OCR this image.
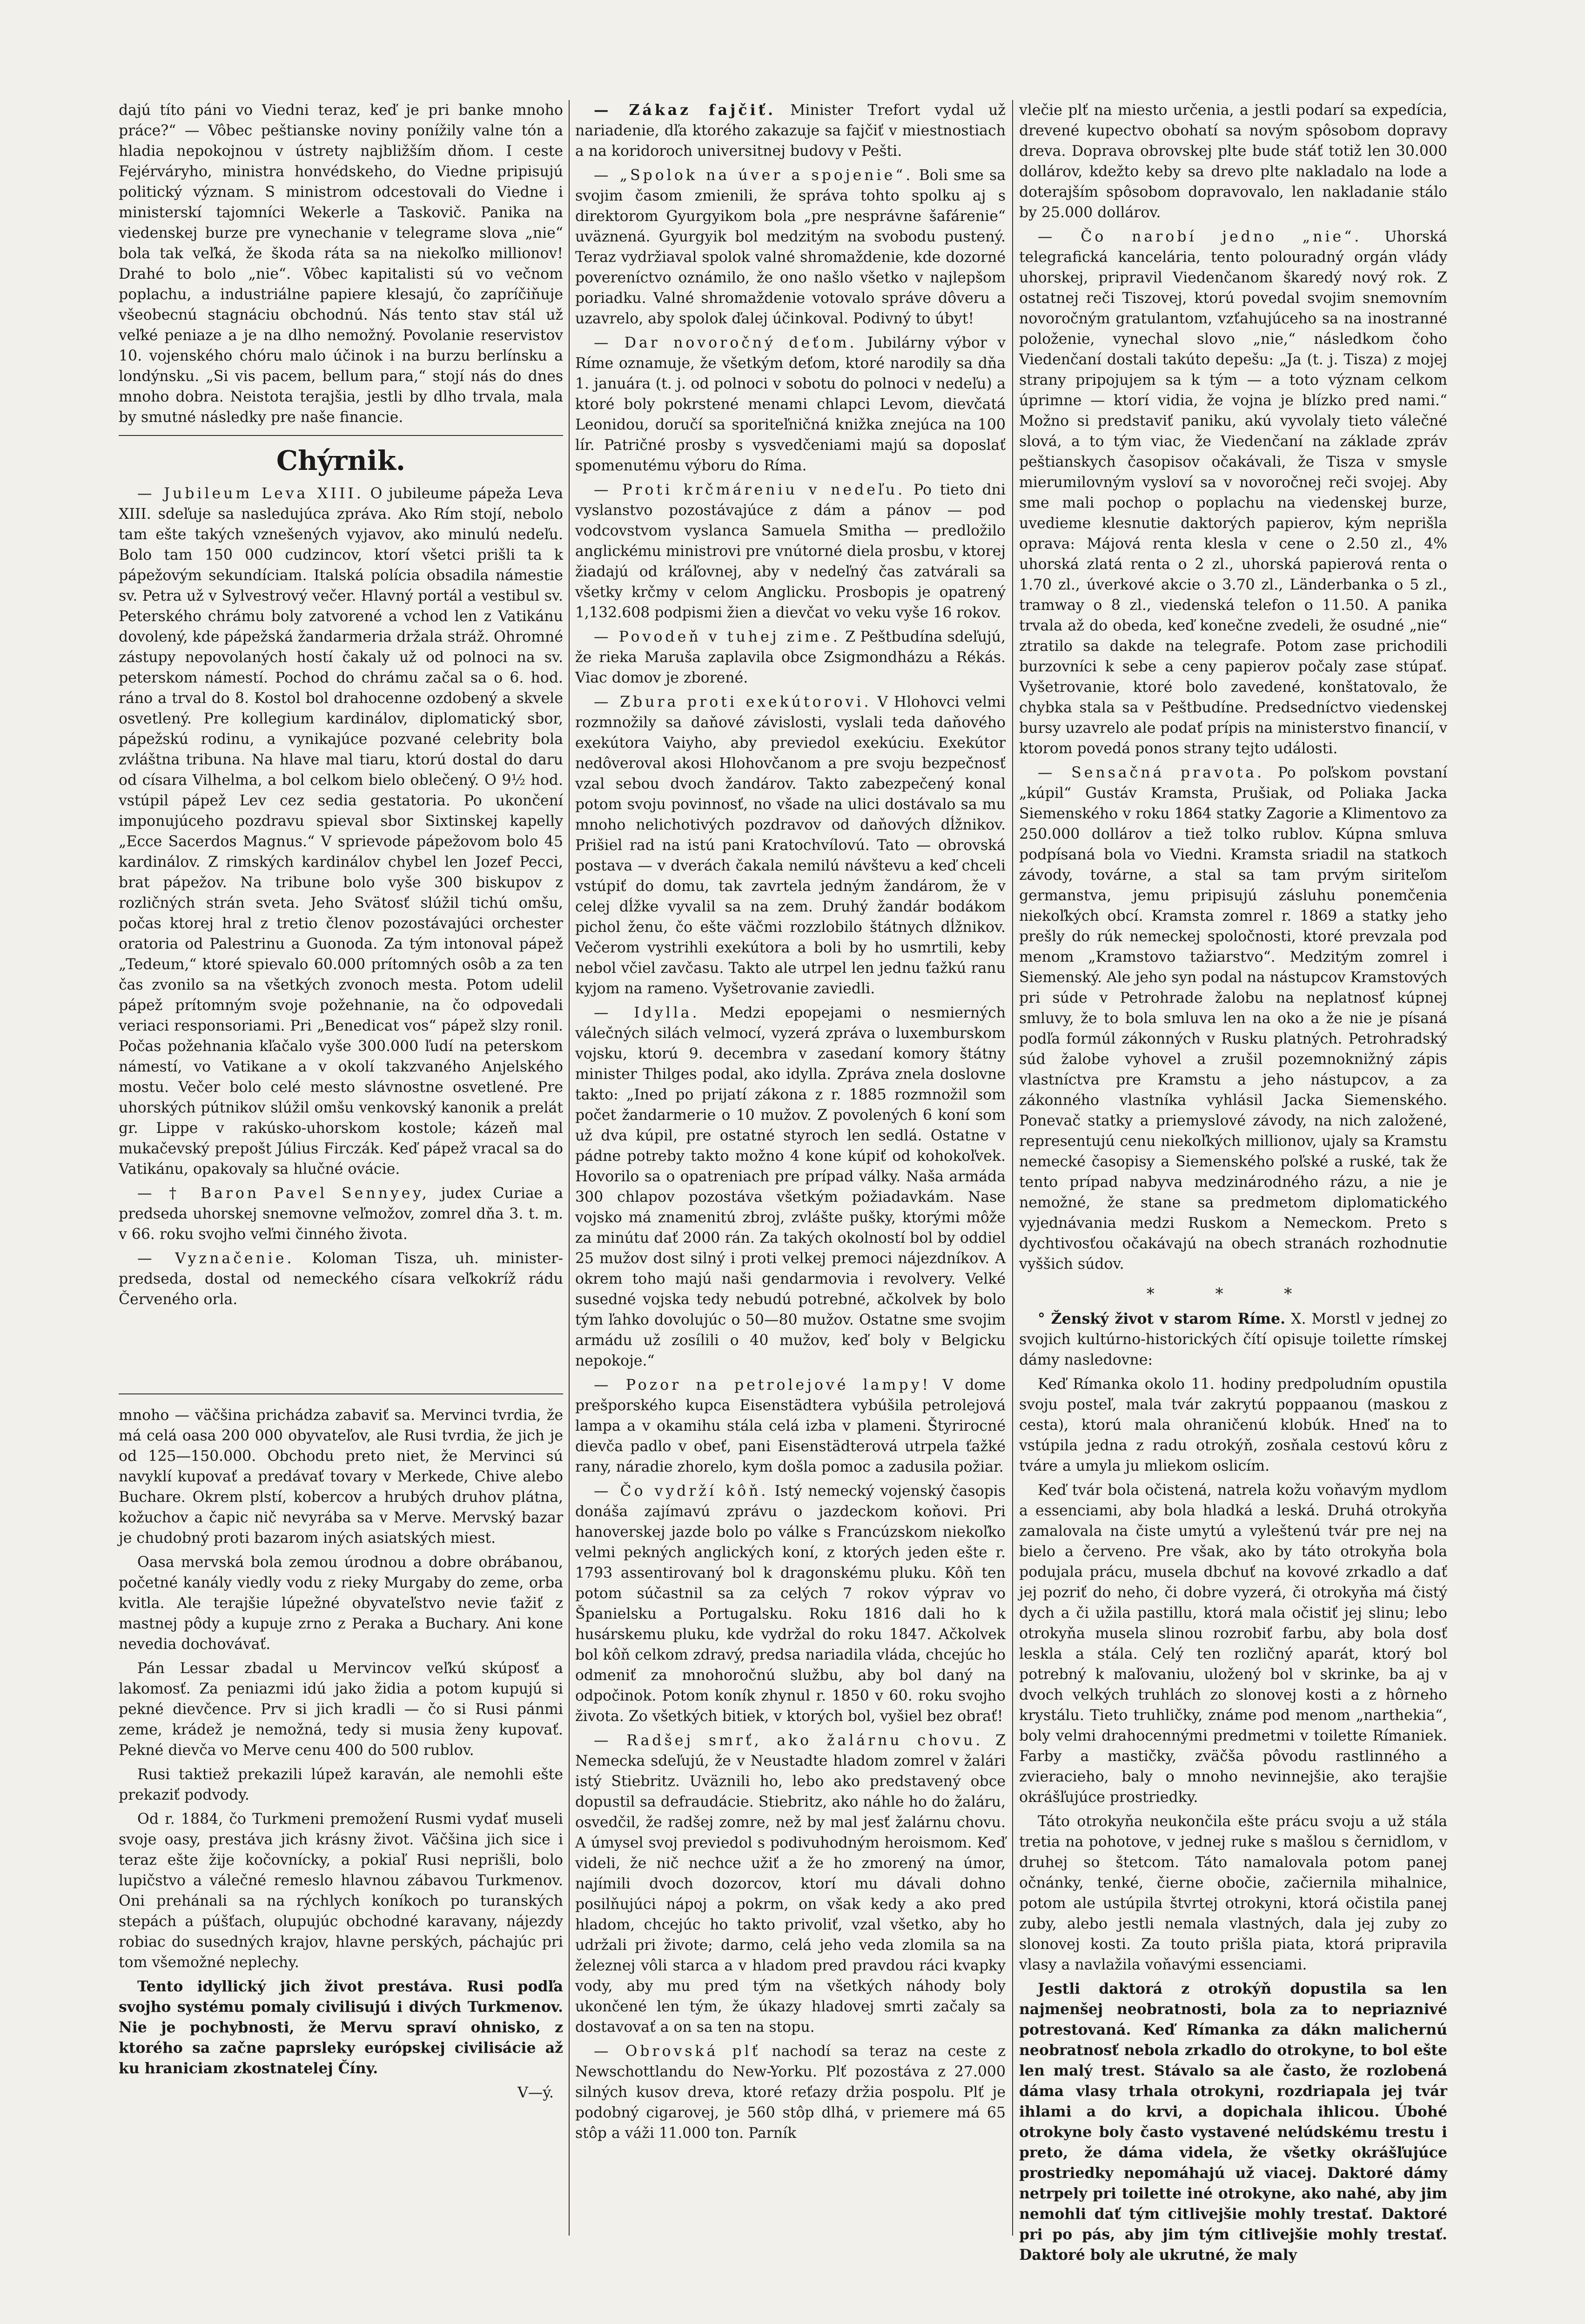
dajú títo páni vo Viedni teraz, keď je pri banke mnoho práce?“ — Vôbec peštianske noviny ponížily valne tón a hladia nepokojnou v ústrety najbližším dňom. I ceste Fejérváryho, ministra honvédskeho, do Viedne pripisujú politický význam. S ministrom odcestovali do Viedne i ministerskí tajomníci Wekerle a Taskovič. Panika na viedenskej burze pre vynechanie v telegrame slova „nie“ bola tak veľká, že škoda ráta sa na niekoľko millionov! Drahé to bolo „nie“. Vôbec kapitalisti sú vo večnom poplachu, a industriálne papiere klesajú, čo zapríčiňuje všeobecnú stagnáciu obchodnú. Nás tento stav stál už veľké peniaze a je na dlho nemožný. Povolanie reservistov 10. vojenského chóru malo účinok i na burzu berlínsku a londýnsku. „Si vis pacem, bellum para,“ stojí nás do dnes mnoho dobra. Neistota terajšia, jestli by dlho trvala, mala by smutné následky pre naše financie.

Chýrnik.

— Jubileum Leva XIII. O jubileume pápeža Leva XIII. sdeľuje sa nasledujúca zpráva. Ako Rím stojí, nebolo tam ešte takých vznešených vyjavov, ako minulú nedeľu. Bolo tam 150 000 cudzincov, ktorí všetci prišli ta k pápežovým sekundíciam. Italská polícia obsadila námestie sv. Petra už v Sylvestrový večer. Hlavný portál a vestibul sv. Peterského chrámu boly zatvorené a vchod len z Vatikánu dovolený, kde pápežská žandarmeria držala stráž. Ohromné zástupy nepovolaných hostí čakaly už od polnoci na sv. peterskom námestí. Pochod do chrámu začal sa o 6. hod. ráno a trval do 8. Kostol bol drahocenne ozdobený a skvele osvetlený. Pre kollegium kardinálov, diplomatický sbor, pápežskú rodinu, a vynikajúce pozvané celebrity bola zvláštna tribuna. Na hlave mal tiaru, ktorú dostal do daru od císara Vilhelma, a bol celkom bielo oblečený. O 9½ hod. vstúpil pápež Lev cez sedia gestatoria. Po ukončení imponujúceho pozdravu spieval sbor Sixtinskej kapelly „Ecce Sacerdos Magnus.“ V sprievode pápežovom bolo 45 kardinálov. Z rimských kardinálov chybel len Jozef Pecci, brat pápežov. Na tribune bolo vyše 300 biskupov z rozličných strán sveta. Jeho Svätosť slúžil tichú omšu, počas ktorej hral z tretio členov pozostávajúci orchester oratoria od Palestrinu a Guonoda. Za tým intonoval pápež „Tedeum,“ ktoré spievalo 60.000 prítomných osôb a za ten čas zvonilo sa na všetkých zvonoch mesta. Potom udelil pápež prítomným svoje požehnanie, na čo odpovedali veriaci responsoriami. Pri „Benedicat vos“ pápež slzy ronil. Počas požehnania kľačalo vyše 300.000 ľudí na peterskom námestí, vo Vatikane a v okolí takzvaného Anjelského mostu. Večer bolo celé mesto slávnostne osvetlené. Pre uhorských pútnikov slúžil omšu venkovský kanonik a prelát gr. Lippe v rakúsko-uhorskom kostole; kázeň mal mukačevský prepošt Július Firczák. Keď pápež vracal sa do Vatikánu, opakovaly sa hlučné ovácie.

— † Baron Pavel Sennyey, judex Curiae a predseda uhorskej snemovne veľmožov, zomrel dňa 3. t. m. v 66. roku svojho veľmi činného života.

— Vyznačenie. Koloman Tisza, uh. minister-predseda, dostal od nemeckého císara veľkokríž rádu Červeného orla.

mnoho — väčšina prichádza zabaviť sa. Mervinci tvrdia, že má celá oasa 200 000 obyvateľov, ale Rusi tvrdia, že jich je od 125—150.000. Obchodu preto niet, že Mervinci sú navyklí kupovať a predávať tovary v Merkede, Chive alebo Buchare. Okrem plstí, kobercov a hrubých druhov plátna, kožuchov a čapic nič nevyrába sa v Merve. Mervský bazar je chudobný proti bazarom iných asiatských miest.

Oasa mervská bola zemou úrodnou a dobre obrábanou, početné kanály viedly vodu z rieky Murgaby do zeme, orba kvitla. Ale terajšie lúpežné obyvateľstvo nevie ťažiť z mastnej pôdy a kupuje zrno z Peraka a Buchary. Ani kone nevedia dochovávať.

Pán Lessar zbadal u Mervincov veľkú skúposť a lakomosť. Za peniazmi idú jako židia a potom kupujú si pekné dievčence. Prv si jich kradli — čo si Rusi pánmi zeme, krádež je nemožná, tedy si musia ženy kupovať. Pekné dievča vo Merve cenu 400 do 500 rublov.

Rusi taktiež prekazili lúpež karaván, ale nemohli ešte prekaziť podvody.

Od r. 1884, čo Turkmeni premožení Rusmi vydať museli svoje oasy, prestáva jich krásny život. Väčšina jich sice i teraz ešte žije kočovnícky, a pokiaľ Rusi neprišli, bolo lupičstvo a válečné remeslo hlavnou zábavou Turkmenov. Oni prehánali sa na rýchlych koníkoch po turanských stepách a púšťach, olupujúc obchodné karavany, nájezdy robiac do susedných krajov, hlavne perských, páchajúc pri tom všemožné neplechy.

Tento idyllický jich život prestáva. Rusi podľa svojho systému pomaly civilisujú i divých Turkmenov. Nie je pochybnosti, že Mervu spraví ohnisko, z ktorého sa začne paprsleky európskej civilisácie až ku hraniciam zkostnatelej Číny.

V—ý.

— Zákaz fajčiť. Minister Trefort vydal už nariadenie, dľa ktorého zakazuje sa fajčiť v miestnostiach a na koridoroch universitnej budovy v Pešti.

— „Spolok na úver a spojenie“. Boli sme sa svojim časom zmienili, že správa tohto spolku aj s direktorom Gyurgyikom bola „pre nesprávne šafárenie“ uväznená. Gyurgyik bol medzitým na svobodu pustený. Teraz vydržiaval spolok valné shromaždenie, kde dozorné povereníctvo oznámilo, že ono našlo všetko v najlepšom poriadku. Valné shromaždenie votovalo správe dôveru a uzavrelo, aby spolok ďalej účinkoval. Podivný to úbyt!

— Dar novoročný deťom. Jubilárny výbor v Ríme oznamuje, že všetkým deťom, ktoré narodily sa dňa 1. januára (t. j. od polnoci v sobotu do polnoci v nedeľu) a ktoré boly pokrstené menami chlapci Levom, dievčatá Leonidou, doručí sa sporiteľničná knižka znejúca na 100 lír. Patričné prosby s vysvedčeniami majú sa doposlať spomenutému výboru do Ríma.

— Proti krčmáreniu v nedeľu. Po tieto dni vyslanstvo pozostávajúce z dám a pánov — pod vodcovstvom vyslanca Samuela Smitha — predložilo anglickému ministrovi pre vnútorné diela prosbu, v ktorej žiadajú od kráľovnej, aby v nedeľný čas zatvárali sa všetky krčmy v celom Anglicku. Prosbopis je opatrený 1,132.608 podpismi žien a dievčat vo veku vyše 16 rokov.

— Povodeň v tuhej zime. Z Peštbudína sdeľujú, že rieka Maruša zaplavila obce Zsigmondházu a Rékás. Viac domov je zborené.

— Zbura proti exekútorovi. V Hlohovci velmi rozmnožily sa daňové závislosti, vyslali teda daňového exekútora Vaiyho, aby previedol exekúciu. Exekútor nedôveroval akosi Hlohovčanom a pre svoju bezpečnosť vzal sebou dvoch žandárov. Takto zabezpečený konal potom svoju povinnosť, no všade na ulici dostávalo sa mu mnoho nelichotivých pozdravov od daňových dĺžnikov. Prišiel rad na istú pani Kratochvílovú. Tato — obrovská postava — v dverách čakala nemilú návštevu a keď chceli vstúpiť do domu, tak zavrtela jedným žandárom, že v celej dĺžke vyvalil sa na zem. Druhý žandár bodákom pichol ženu, čo ešte väčmi rozzlobilo štátnych dĺžnikov. Večerom vystrihli exekútora a boli by ho usmrtili, keby nebol včiel zavčasu. Takto ale utrpel len jednu ťažkú ranu kyjom na rameno. Vyšetrovanie zaviedli.

— Idylla. Medzi epopejami o nesmierných válečných silách velmocí, vyzerá zpráva o luxemburskom vojsku, ktorú 9. decembra v zasedaní komory štátny minister Thilges podal, ako idylla. Zpráva znela doslovne takto: „Ined po prijatí zákona z r. 1885 rozmnožil som počet žandarmerie o 10 mužov. Z povolených 6 koní som už dva kúpil, pre ostatné styroch len sedlá. Ostatne v pádne potreby takto možno 4 kone kúpiť od kohokoľvek. Hovorilo sa o opatreniach pre prípad války. Naša armáda 300 chlapov pozostáva všetkým požiadavkám. Nase vojsko má znamenitú zbroj, zvlášte pušky, ktorými môže za minútu dať 2000 rán. Za takých okolností bol by oddiel 25 mužov dost silný i proti velkej premoci nájezdníkov. A okrem toho majú naši gendarmovia i revolvery. Velké susedné vojska tedy nebudú potrebné, ačkolvek by bolo tým ľahko dovolujúc o 50—80 mužov. Ostatne sme svojim armádu už zosílili o 40 mužov, keď boly v Belgicku nepokoje.“

— Pozor na petrolejové lampy! V dome prešporského kupca Eisenstädtera vybúšila petrolejová lampa a v okamihu stála celá izba v plameni. Štyrirocné dievča padlo v obeť, pani Eisenstädterová utrpela ťažké rany, náradie zhorelo, kym došla pomoc a zadusila požiar.

— Čo vydrží kôň. Istý nemecký vojenský časopis donáša zajímavú zprávu o jazdeckom koňovi. Pri hanoverskej jazde bolo po válke s Francúzskom niekoľko velmi pekných anglických koní, z ktorých jeden ešte r. 1793 assentirovaný bol k dragonskému pluku. Kôň ten potom súčastnil sa za celých 7 rokov výprav vo Španielsku a Portugalsku. Roku 1816 dali ho k husárskemu pluku, kde vydržal do roku 1847. Ačkolvek bol kôň celkom zdravý, predsa nariadila vláda, chcejúc ho odmeniť za mnohoročnú službu, aby bol daný na odpočinok. Potom koník zhynul r. 1850 v 60. roku svojho života. Zo všetkých bitiek, v ktorých bol, vyšiel bez obrať!

— Radšej smrť, ako žalárnu chovu. Z Nemecka sdeľujú, že v Neustadte hladom zomrel v žalári istý Stiebritz. Uväznili ho, lebo ako predstavený obce dopustil sa defraudácie. Stiebritz, ako náhle ho do žaláru, osvedčil, že radšej zomre, než by mal jesť žalárnu chovu. A úmysel svoj previedol s podivuhodným heroismom. Keď videli, že nič nechce užiť a že ho zmorený na úmor, najímili dvoch dozorcov, ktorí mu dávali dohno posilňujúci nápoj a pokrm, on však kedy a ako pred hladom, chcejúc ho takto privoliť, vzal všetko, aby ho udržali pri živote; darmo, celá jeho veda zlomila sa na železnej vôli starca a v hladom pred pravdou ráci kvapky vody, aby mu pred tým na všetkých náhody boly ukončené len tým, že úkazy hladovej smrti začaly sa dostavovať a on sa ten na stopu.

— Obrovská plť nachodí sa teraz na ceste z Newschottlandu do New-Yorku. Plť pozostáva z 27.000 silných kusov dreva, ktoré reťazy držia pospolu. Plť je podobný cigarovej, je 560 stôp dlhá, v priemere má 65 stôp a váži 11.000 ton. Parník

vlečie plť na miesto určenia, a jestli podarí sa expedícia, drevené kupectvo obohatí sa novým spôsobom dopravy dreva. Doprava obrovskej plte bude stáť totiž len 30.000 dollárov, kdežto keby sa drevo plte nakladalo na lode a doterajším spôsobom dopravovalo, len nakladanie stálo by 25.000 dollárov.

— Čo narobí jedno „nie“. Uhorská telegrafická kancelária, tento polouradný orgán vlády uhorskej, pripravil Viedenčanom škaredý nový rok. Z ostatnej reči Tiszovej, ktorú povedal svojim snemovním novoročným gratulantom, vzťahujúceho sa na inostranné položenie, vynechal slovo „nie,“ následkom čoho Viedenčaní dostali takúto depešu: „Ja (t. j. Tisza) z mojej strany pripojujem sa k tým — a toto význam celkom úprimne — ktorí vidia, že vojna je blízko pred nami.“ Možno si predstaviť paniku, akú vyvolaly tieto válečné slová, a to tým viac, že Viedenčaní na základe zpráv peštianskych časopisov očakávali, že Tisza v smysle mierumilovným vysloví sa v novoročnej reči svojej. Aby sme mali pochop o poplachu na viedenskej burze, uvedieme klesnutie daktorých papierov, kým neprišla oprava: Májová renta klesla v cene o 2.50 zl., 4% uhorská zlatá renta o 2 zl., uhorská papierová renta o 1.70 zl., úverkové akcie o 3.70 zl., Länderbanka o 5 zl., tramway o 8 zl., viedenská telefon o 11.50. A panika trvala až do obeda, keď konečne zvedeli, že osudné „nie“ ztratilo sa dakde na telegrafe. Potom zase prichodili burzovníci k sebe a ceny papierov počaly zase stúpať. Vyšetrovanie, ktoré bolo zavedené, konštatovalo, že chybka stala sa v Peštbudíne. Predsedníctvo viedenskej bursy uzavrelo ale podať prípis na ministerstvo financií, v ktorom povedá ponos strany tejto události.

— Sensačná pravota. Po poľskom povstaní „kúpil“ Gustáv Kramsta, Prušiak, od Poliaka Jacka Siemenského v roku 1864 statky Zagorie a Klimentovo za 250.000 dollárov a tiež tolko rublov. Kúpna smluva podpísaná bola vo Viedni. Kramsta sriadil na statkoch závody, továrne, a stal sa tam prvým siriteľom germanstva, jemu pripisujú zásluhu ponemčenia niekoľkých obcí. Kramsta zomrel r. 1869 a statky jeho prešly do rúk nemeckej spoločnosti, ktoré prevzala pod menom „Kramstovo tažiarstvo“. Medzitým zomrel i Siemenský. Ale jeho syn podal na nástupcov Kramstových pri súde v Petrohrade žalobu na neplatnosť kúpnej smluvy, že to bola smluva len na oko a že nie je písaná podľa formúl zákonných v Rusku platných. Petrohradský súd žalobe vyhovel a zrušil pozemnoknižný zápis vlastníctva pre Kramstu a jeho nástupcov, a za zákonného vlastníka vyhlásil Jacka Siemenského. Ponevač statky a priemyslové závody, na nich založené, representujú cenu niekoľkých millionov, ujaly sa Kramstu nemecké časopisy a Siemenského poľské a ruské, tak že tento prípad nabyva medzinárodného rázu, a nie je nemožné, že stane sa predmetom diplomatického vyjednávania medzi Ruskom a Nemeckom. Preto s dychtivosťou očakávajú na obech stranách rozhodnutie vyššich súdov.

* * *

° Ženský život v starom Ríme. X. Morstl v jednej zo svojich kultúrno-historických čítí opisuje toilette rímskej dámy nasledovne:

Keď Rímanka okolo 11. hodiny predpoludním opustila svoju posteľ, mala tvár zakrytú poppaanou (maskou z cesta), ktorú mala ohraničenú klobúk. Hneď na to vstúpila jedna z radu otrokýň, zosňala cestovú kôru z tváre a umyla ju mliekom oslicím.

Keď tvár bola očistená, natrela kožu voňavým mydlom a essenciami, aby bola hladká a leská. Druhá otrokyňa zamalovala na čiste umytú a vyleštenú tvár pre nej na bielo a červeno. Pre však, ako by táto otrokyňa bola podujala prácu, musela dbchuť na kovové zrkadlo a dať jej pozriť do neho, či dobre vyzerá, či otrokyňa má čistý dych a či užila pastillu, ktorá mala očistiť jej slinu; lebo otrokyňa musela slinou rozrobiť farbu, aby bola dosť leskla a stála. Celý ten rozličný aparát, ktorý bol potrebný k maľovaniu, uložený bol v skrinke, ba aj v dvoch velkých truhlách zo slonovej kosti a z hôrneho krystálu. Tieto truhličky, známe pod menom „narthekia“, boly velmi drahocennými predmetmi v toilette Rímaniek. Farby a mastičky, zväčša pôvodu rastlinného a zvieracieho, baly o mnoho nevinnejšie, ako terajšie okrášľujúce prostriedky.

Táto otrokyňa neukončila ešte prácu svoju a už stála tretia na pohotove, v jednej ruke s mašlou s černidlom, v druhej so štetcom. Táto namalovala potom panej očnánky, tenké, čierne obočie, začiernila mihalnice, potom ale ustúpila štvrtej otrokyni, ktorá očistila panej zuby, alebo jestli nemala vlastných, dala jej zuby zo slonovej kosti. Za touto prišla piata, ktorá pripravila vlasy a navlažila voňavými essenciami.

Jestli daktorá z otrokýň dopustila sa len najmenšej neobratnosti, bola za to nepriaznivé potrestovaná. Keď Rímanka za dákn malichernú neobratnosť nebola zrkadlo do otrokyne, to bol ešte len malý trest. Stávalo sa ale často, že rozlobená dáma vlasy trhala otrokyni, rozdriapala jej tvár ihlami a do krvi, a dopichala ihlicou. Úbohé otrokyne boly často vystavené nelúdskému trestu i preto, že dáma videla, že všetky okrášľujúce prostriedky nepomáhajú už viacej. Daktoré dámy netrpely pri toilette iné otrokyne, ako nahé, aby jim nemohli dať tým citlivejšie mohly trestať. Daktoré pri po pás, aby jim tým citlivejšie mohly trestať. Daktoré boly ale ukrutné, že maly
